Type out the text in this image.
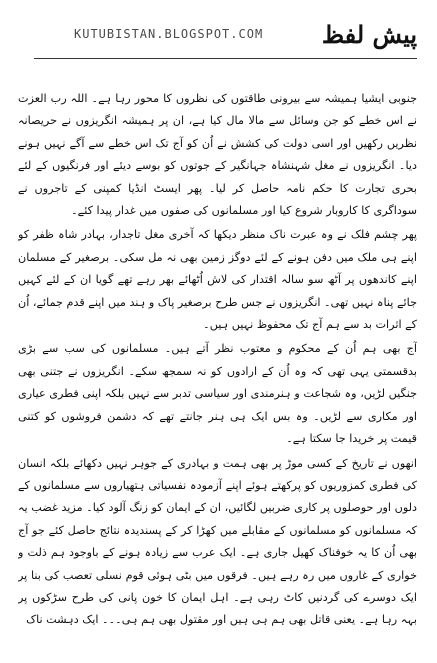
KUTUBISTAN.BLOGSPOT.COM پیش لفظ

جنوبی ایشیا ہمیشہ سے بیرونی طاقتوں کی نظروں کا محور رہا ہے۔ اللہ رب العزت نے اس خطے کو جن وسائل سے مالا مال کیا ہے، ان پر ہمیشہ انگریزوں نے حریصانہ نظریں رکھیں اور اسی دولت کی کشش نے اُن کو آج تک اس خطے سے آگے نہیں ہونے دیا۔ انگریزوں نے مغل شہنشاہ جہانگیر کے جوتوں کو بوسے دیئے اور فرنگیوں کے لئے بحری تجارت کا حکم نامہ حاصل کر لیا۔ پھر ایسٹ انڈیا کمپنی کے تاجروں نے سوداگری کا کاروبار شروع کیا اور مسلمانوں کی صفوں میں غدار پیدا کئے۔

پھر چشم فلک نے وہ عبرت ناک منظر دیکھا کہ آخری مغل تاجدار، بہادر شاہ ظفر کو اپنے ہی ملک میں دفن ہونے کے لئے دوگز زمین بھی نہ مل سکی۔ برصغیر کے مسلمان اپنے کاندھوں پر آٹھ سو سالہ اقتدار کی لاش اُٹھائے بھر رہے تھے گویا ان کے لئے کہیں جائے پناہ نہیں تھی۔ انگریزوں نے جس طرح برصغیر پاک و ہند میں اپنے قدم جمائے، اُن کے اثرات بد سے ہم آج تک محفوظ نہیں ہیں۔

آج بھی ہم اُن کے محکوم و معتوب نظر آتے ہیں۔ مسلمانوں کی سب سے بڑی بدقسمتی یہی تھی کہ وہ اُن کے ارادوں کو نہ سمجھ سکے۔ انگریزوں نے جتنی بھی جنگیں لڑیں، وہ شجاعت و ہنرمندی اور سیاسی تدبر سے نہیں بلکہ اپنی فطری عیاری اور مکاری سے لڑیں۔ وہ بس ایک ہی ہنر جانتے تھے کہ دشمن فروشوں کو کتنی قیمت پر خریدا جا سکتا ہے۔

انھوں نے تاریخ کے کسی موڑ پر بھی ہمت و بہادری کے جوہر نہیں دکھائے بلکہ انسان کی فطری کمزوریوں کو پرکھتے ہوئے اپنے آزمودہ نفسیاتی ہتھیاروں سے مسلمانوں کے دلوں اور حوصلوں پر کاری ضربیں لگائیں، ان کے ایمان کو زنگ آلود کیا۔ مزید غضب یہ کہ مسلمانوں کو مسلمانوں کے مقابلے میں کھڑا کر کے پسندیدہ نتائج حاصل کئے جو آج بھی اُن کا یہ خوفناک کھیل جاری ہے۔ ایک عرب سے زیادہ ہونے کے باوجود ہم ذلت و خواری کے غاروں میں رہ رہے ہیں۔ فرقوں میں بٹی ہوئی قوم نسلی تعصب کی بنا پر ایک دوسرے کی گردنیں کاٹ رہی ہے۔ اہل ایمان کا خون پانی کی طرح سڑکوں پر بہہ رہا ہے۔ یعنی قاتل بھی ہم ہی ہیں اور مقتول بھی ہم ہی۔۔۔ ایک دہشت ناک
